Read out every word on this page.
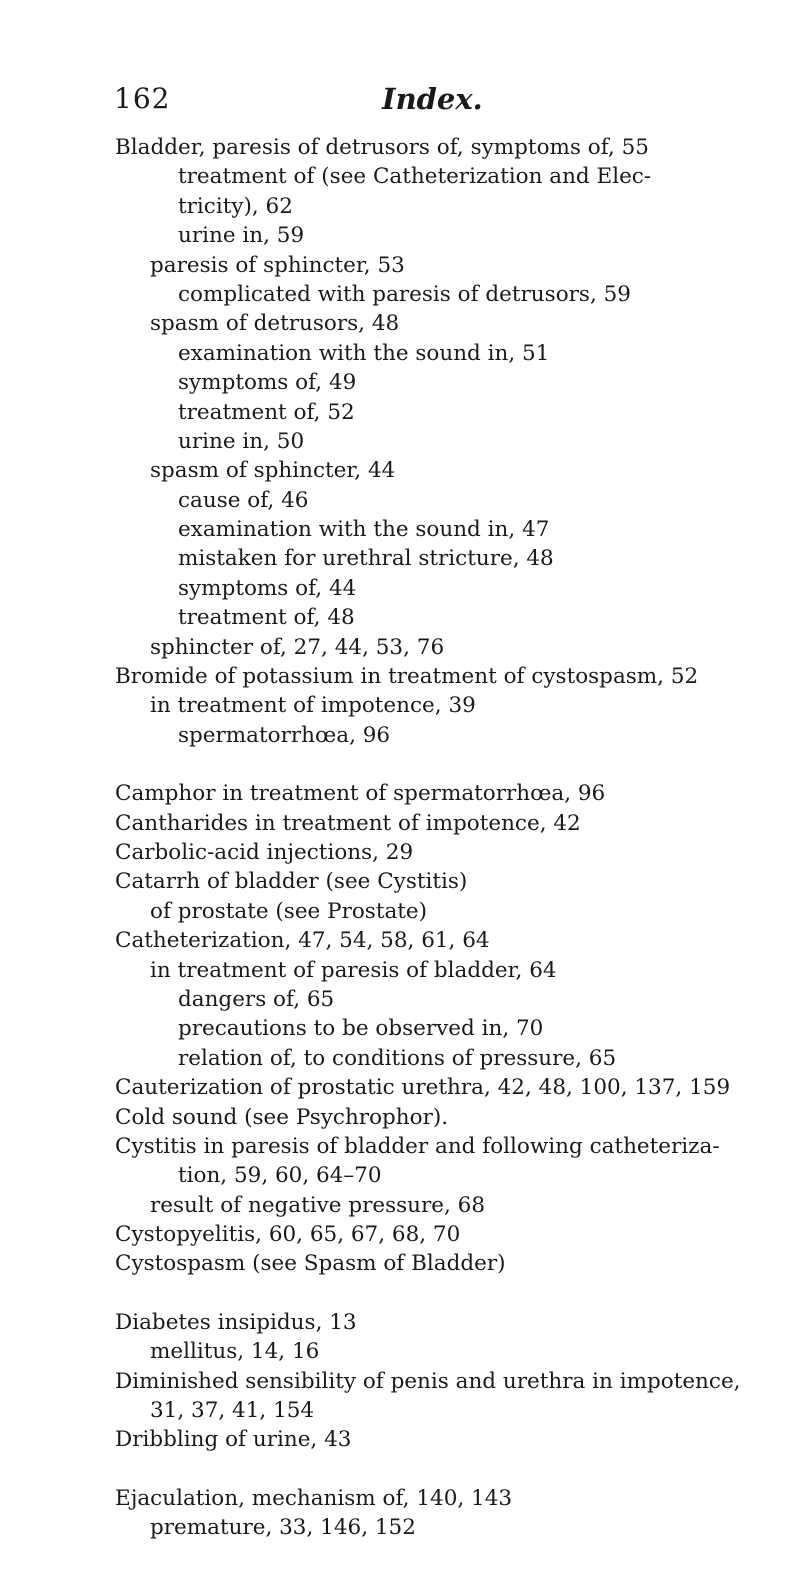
162	Index.
Bladder, paresis of detrusors of, symptoms of, 55
treatment of (see Catheterization and Elec-
tricity), 62
urine in, 59
paresis of sphincter, 53
complicated with paresis of detrusors, 59
spasm of detrusors, 48
examination with the sound in, 51
symptoms of, 49
treatment of, 52
urine in, 50
spasm of sphincter, 44
cause of, 46
examination with the sound in, 47
mistaken for urethral stricture, 48
symptoms of, 44
treatment of, 48
sphincter of, 27, 44, 53, 76
Bromide of potassium in treatment of cystospasm, 52
in treatment of impotence, 39
spermatorrhœa, 96
Camphor in treatment of spermatorrhœa, 96
Cantharides in treatment of impotence, 42
Carbolic-acid injections, 29
Catarrh of bladder (see Cystitis)
of prostate (see Prostate)
Catheterization, 47, 54, 58, 61, 64
in treatment of paresis of bladder, 64
dangers of, 65
precautions to be observed in, 70
relation of, to conditions of pressure, 65
Cauterization of prostatic urethra, 42, 48, 100, 137, 159
Cold sound (see Psychrophor).
Cystitis in paresis of bladder and following catheteriza-
tion, 59, 60, 64–70
result of negative pressure, 68
Cystopyelitis, 60, 65, 67, 68, 70
Cystospasm (see Spasm of Bladder)
Diabetes insipidus, 13
mellitus, 14, 16
Diminished sensibility of penis and urethra in impotence,
31, 37, 41, 154
Dribbling of urine, 43
Ejaculation, mechanism of, 140, 143
premature, 33, 146, 152
